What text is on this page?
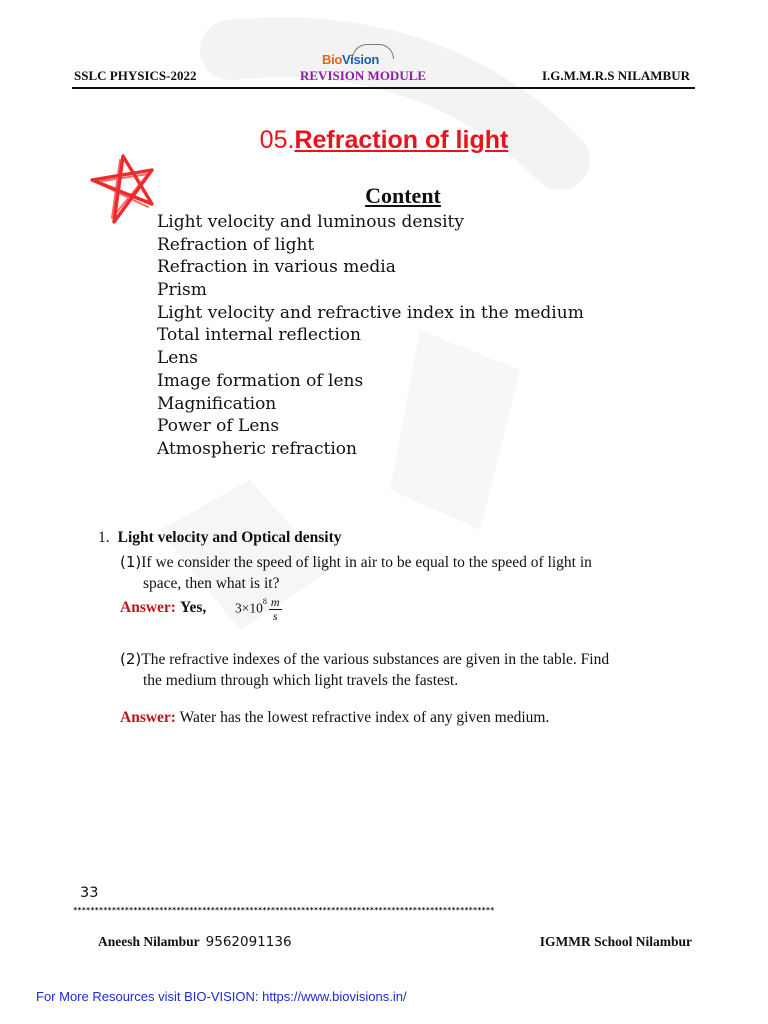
BioVision
SSLC PHYSICS-2022	REVISION MODULE	I.G.M.M.R.S NILAMBUR
05.Refraction of light
Content
Light velocity and luminous density
Refraction of light
Refraction in various media
Prism
Light velocity and refractive index in the medium
Total internal reflection
Lens
Image formation of lens
Magnification
Power of Lens
Atmospheric refraction
1. Light velocity and Optical density
(1)If we consider the speed of light in air to be equal to the speed of light in
space, then what is it?
Answer: Yes, $3\times 10^8 \frac{m}{s}$
(2)The refractive indexes of the various substances are given in the table. Find
the medium through which light travels the fastest.
Answer: Water has the lowest refractive index of any given medium.
33
**************************************************************************************************
Aneesh Nilambur 9562091136	IGMMR School Nilambur
For More Resources visit BIO-VISION: https://www.biovisions.in/
